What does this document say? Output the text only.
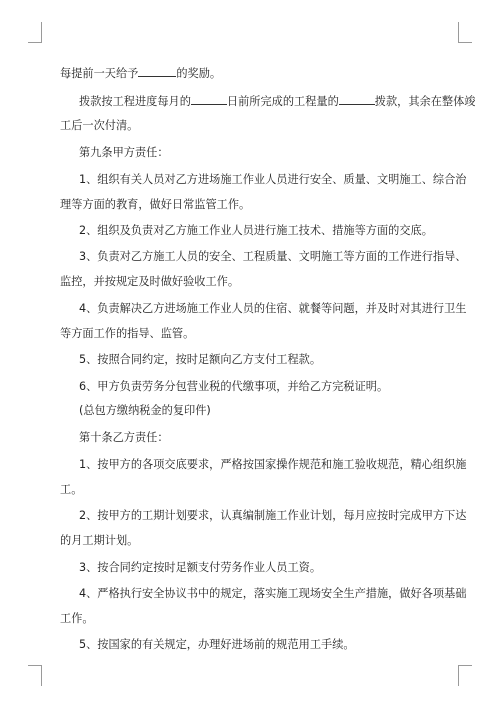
每提前一天给予	的奖励。
拨款按工程进度每月的	日前所完成的工程量的	拨款，其余在整体竣
工后一次付清。
第九条甲方责任：
1、组织有关人员对乙方进场施工作业人员进行安全、质量、文明施工、综合治
理等方面的教育，做好日常监管工作。
2、组织及负责对乙方施工作业人员进行施工技术、措施等方面的交底。
3、负责对乙方施工人员的安全、工程质量、文明施工等方面的工作进行指导、
监控，并按规定及时做好验收工作。
4、负责解决乙方进场施工作业人员的住宿、就餐等问题，并及时对其进行卫生
等方面工作的指导、监管。
5、按照合同约定，按时足额向乙方支付工程款。
6、甲方负责劳务分包营业税的代缴事项，并给乙方完税证明。
(总包方缴纳税金的复印件)
第十条乙方责任：
1、按甲方的各项交底要求，严格按国家操作规范和施工验收规范，精心组织施
工。
2、按甲方的工期计划要求，认真编制施工作业计划，每月应按时完成甲方下达
的月工期计划。
3、按合同约定按时足额支付劳务作业人员工资。
4、严格执行安全协议书中的规定，落实施工现场安全生产措施，做好各项基础
工作。
5、按国家的有关规定，办理好进场前的规范用工手续。
